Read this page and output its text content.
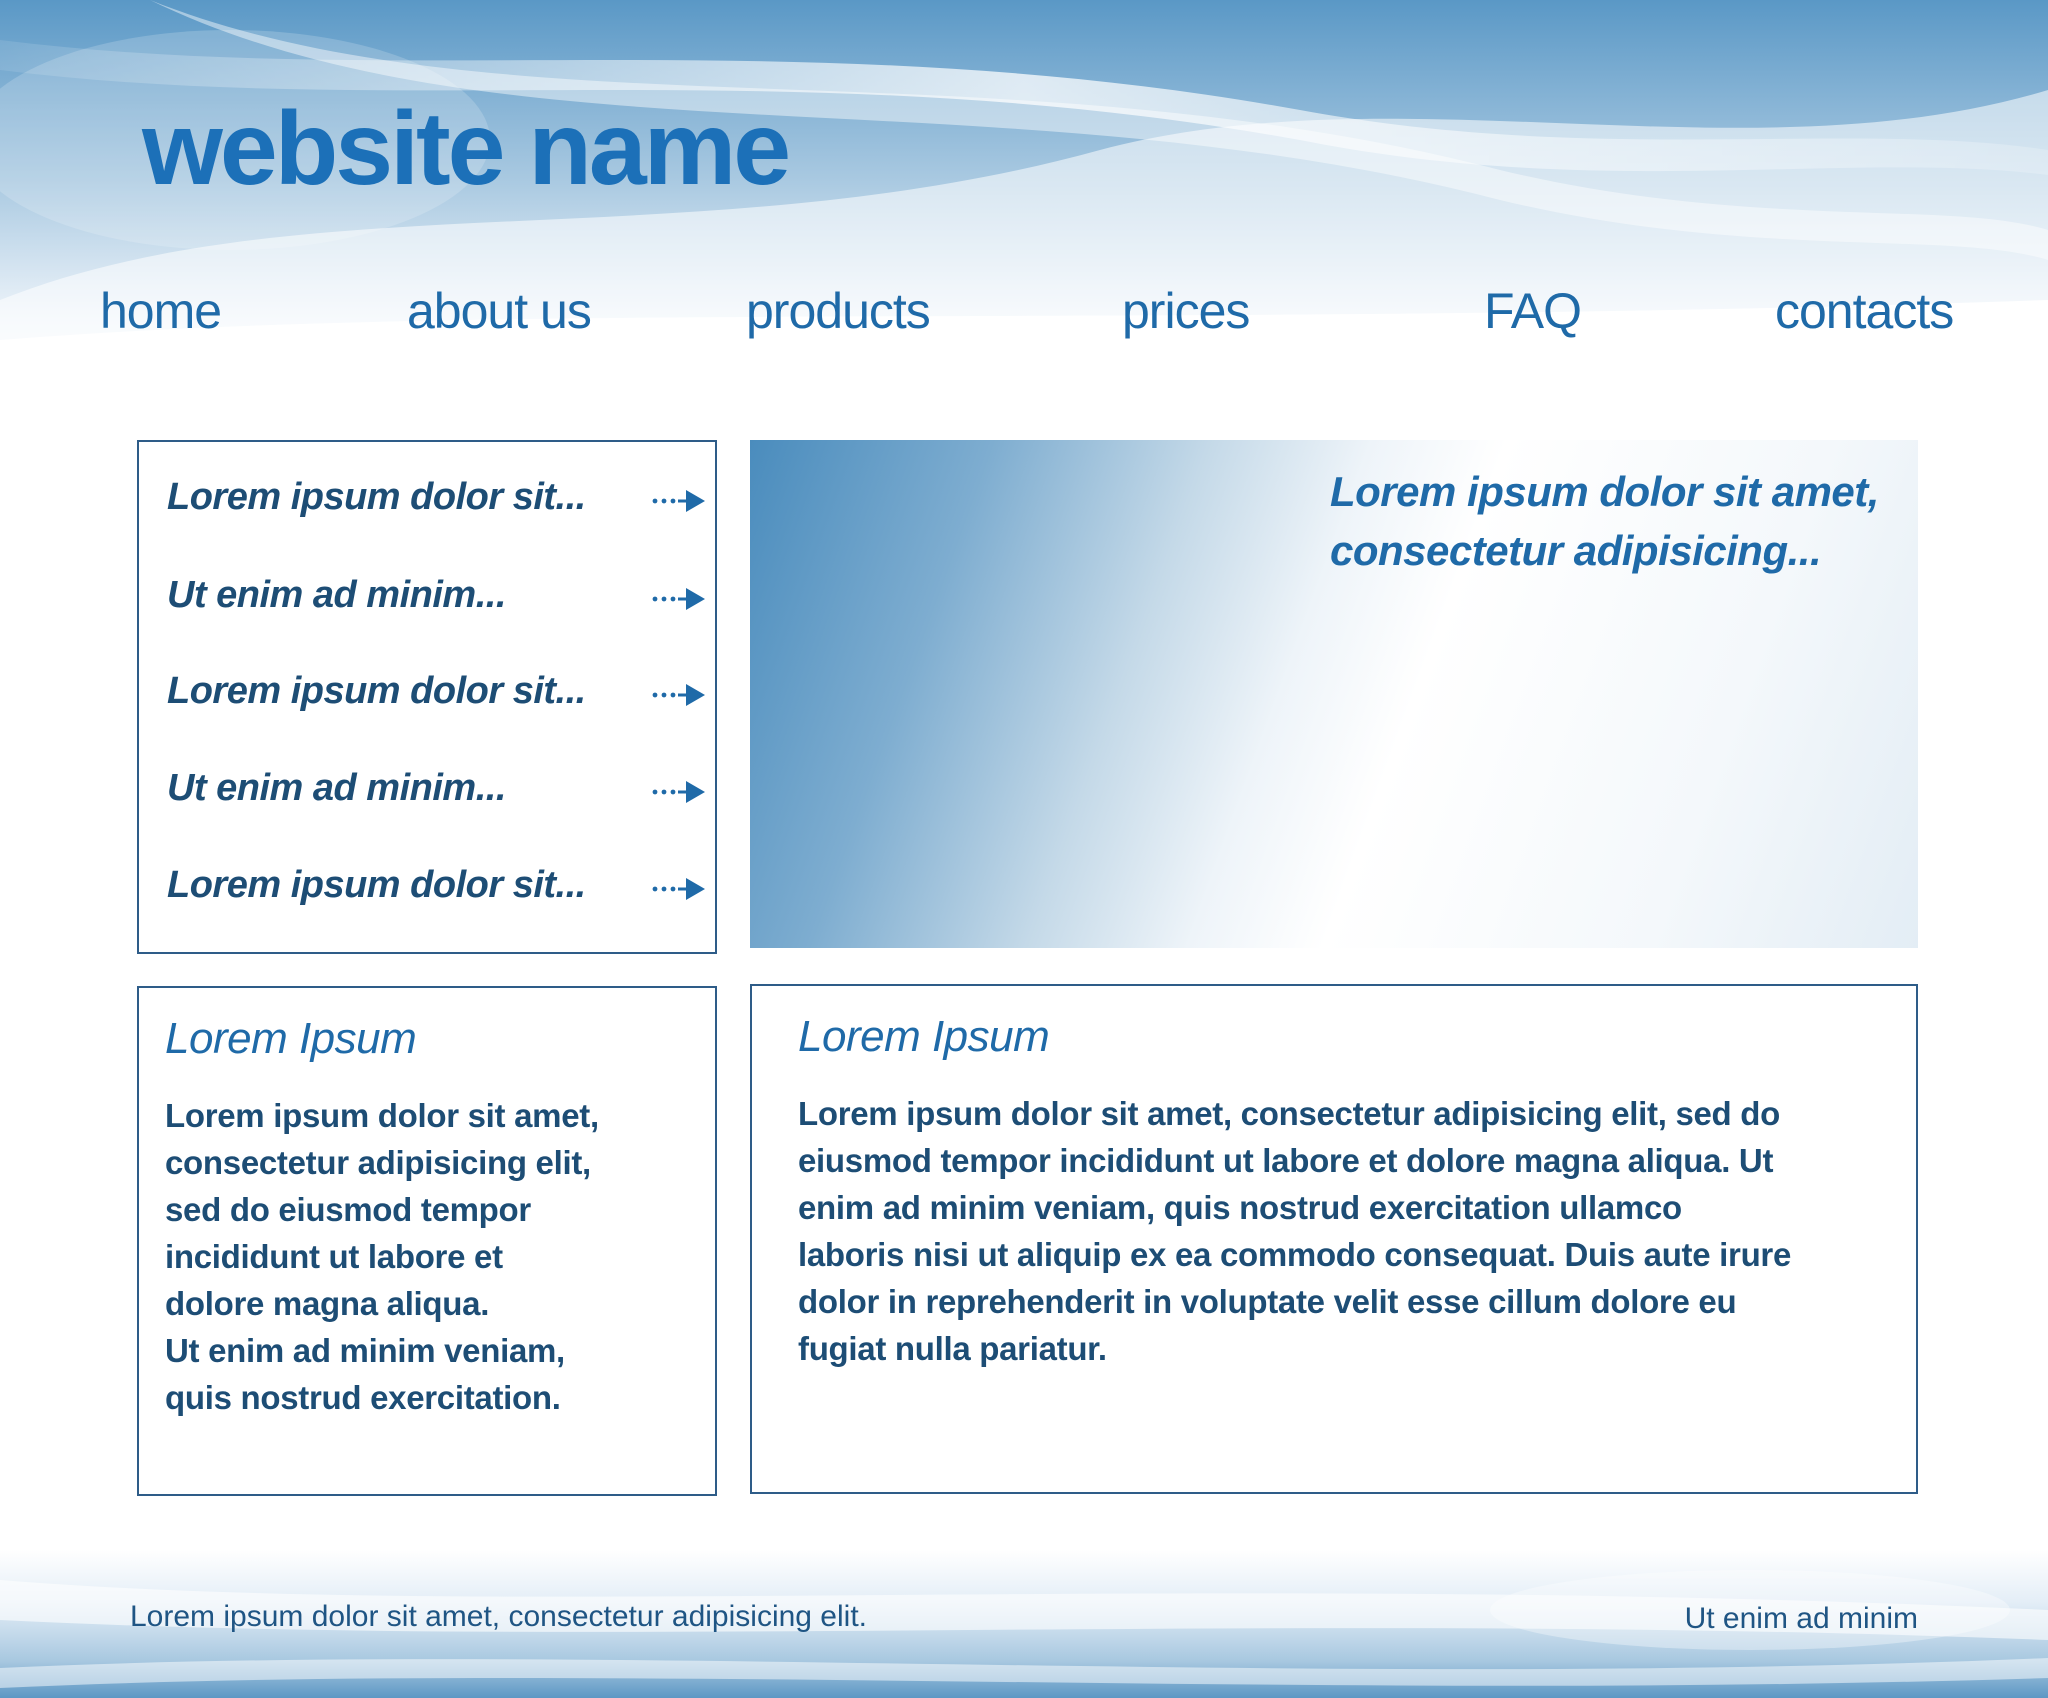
website name
home	about us	products	prices	FAQ	contacts
Lorem ipsum dolor sit...
Ut enim ad minim...
Lorem ipsum dolor sit...
Ut enim ad minim...
Lorem ipsum dolor sit...
Lorem ipsum dolor sit amet,
consectetur adipisicing...
Lorem Ipsum
Lorem ipsum dolor sit amet,
consectetur adipisicing elit,
sed do eiusmod tempor
incididunt ut labore et
dolore magna aliqua.
Ut enim ad minim veniam,
quis nostrud exercitation.
Lorem Ipsum
Lorem ipsum dolor sit amet, consectetur adipisicing elit, sed do
eiusmod tempor incididunt ut labore et dolore magna aliqua. Ut
enim ad minim veniam, quis nostrud exercitation ullamco
laboris nisi ut aliquip ex ea commodo consequat. Duis aute irure
dolor in reprehenderit in voluptate velit esse cillum dolore eu
fugiat nulla pariatur.
Lorem ipsum dolor sit amet, consectetur adipisicing elit.	Ut enim ad minim
